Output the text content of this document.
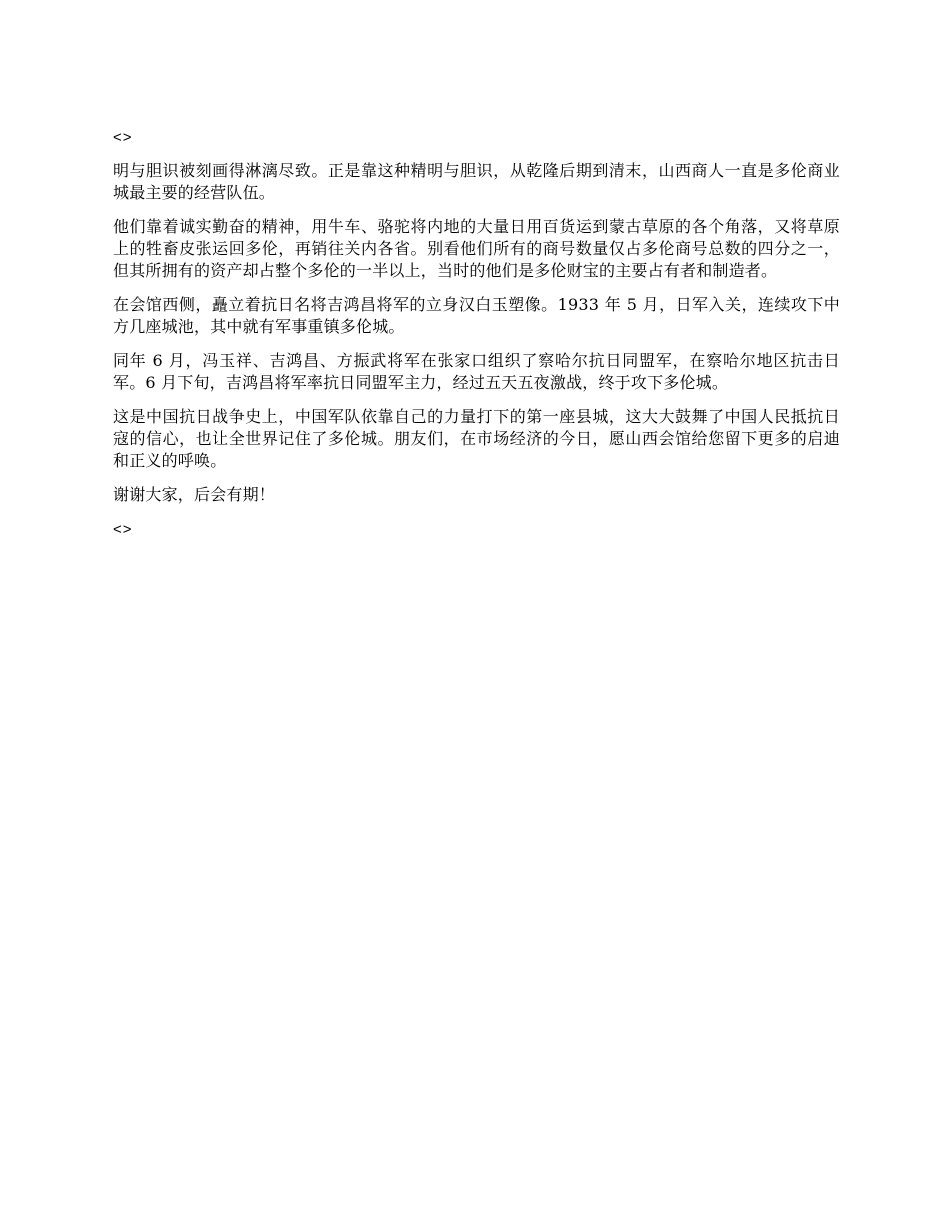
<>

明与胆识被刻画得淋漓尽致。正是靠这种精明与胆识，从乾隆后期到清末，山西商人一直是多伦商业城最主要的经营队伍。

他们靠着诚实勤奋的精神，用牛车、骆驼将内地的大量日用百货运到蒙古草原的各个角落，又将草原上的牲畜皮张运回多伦，再销往关内各省。别看他们所有的商号数量仅占多伦商号总数的四分之一，但其所拥有的资产却占整个多伦的一半以上，当时的他们是多伦财宝的主要占有者和制造者。

在会馆西侧，矗立着抗日名将吉鸿昌将军的立身汉白玉塑像。1933 年 5 月，日军入关，连续攻下中方几座城池，其中就有军事重镇多伦城。

同年 6 月，冯玉祥、吉鸿昌、方振武将军在张家口组织了察哈尔抗日同盟军，在察哈尔地区抗击日军。6 月下旬，吉鸿昌将军率抗日同盟军主力，经过五天五夜激战，终于攻下多伦城。

这是中国抗日战争史上，中国军队依靠自己的力量打下的第一座县城，这大大鼓舞了中国人民抵抗日寇的信心，也让全世界记住了多伦城。朋友们，在市场经济的今日，愿山西会馆给您留下更多的启迪和正义的呼唤。

谢谢大家，后会有期！

<>
